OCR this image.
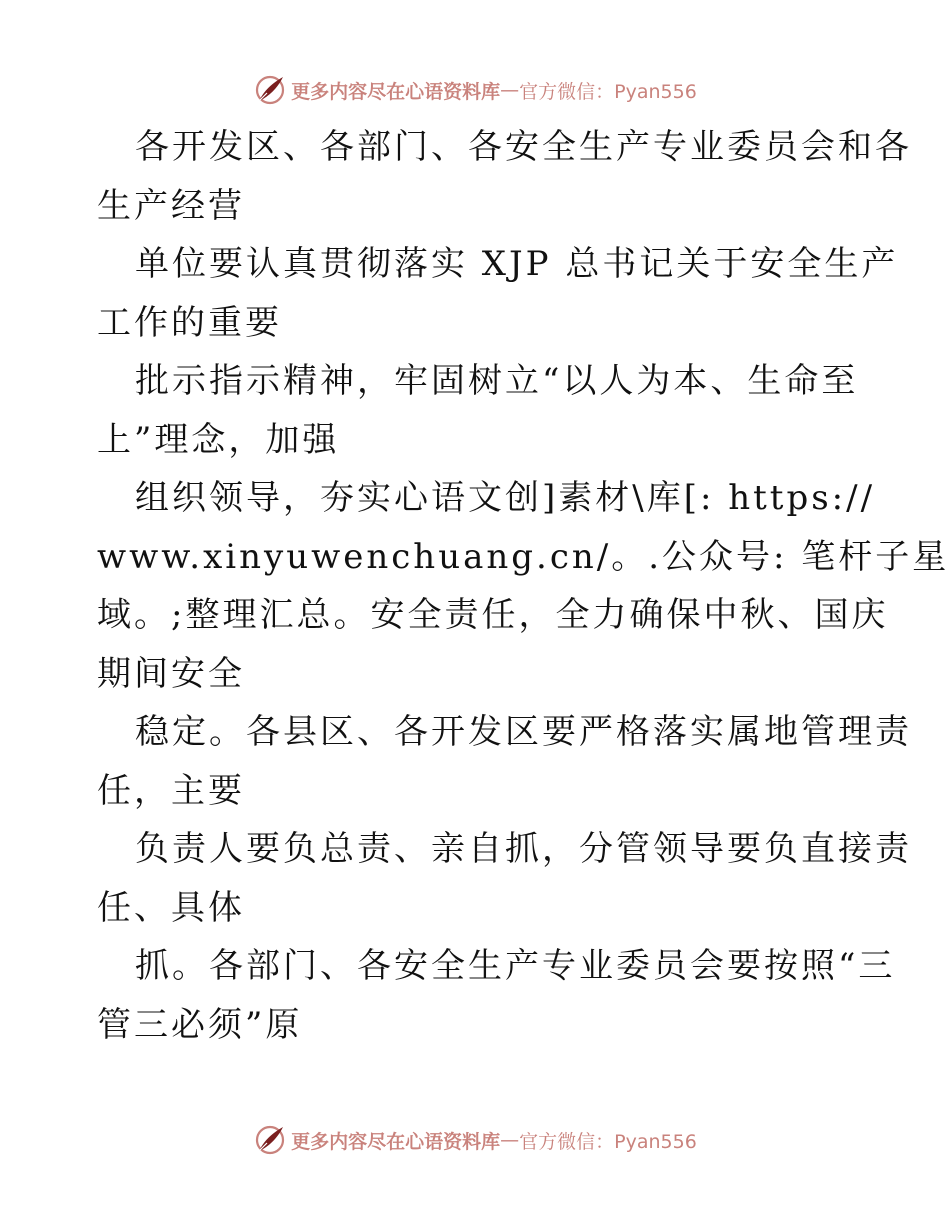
更多内容尽在心语资料库 — 官方微信：Pyan556
各开发区、各部门、各安全生产专业委员会和各
生产经营
单位要认真贯彻落实 XJP 总书记关于安全生产
工作的重要
批示指示精神，牢固树立“以人为本、生命至
上”理念，加强
组织领导，夯实心语文创]素材\库[: https://
www.xinyuwenchuang.cn/。.公众号: 笔杆子星
域。;整理汇总。安全责任，全力确保中秋、国庆
期间安全
稳定。各县区、各开发区要严格落实属地管理责
任，主要
负责人要负总责、亲自抓，分管领导要负直接责
任、具体
抓。各部门、各安全生产专业委员会要按照“三
管三必须”原
更多内容尽在心语资料库 — 官方微信：Pyan556
